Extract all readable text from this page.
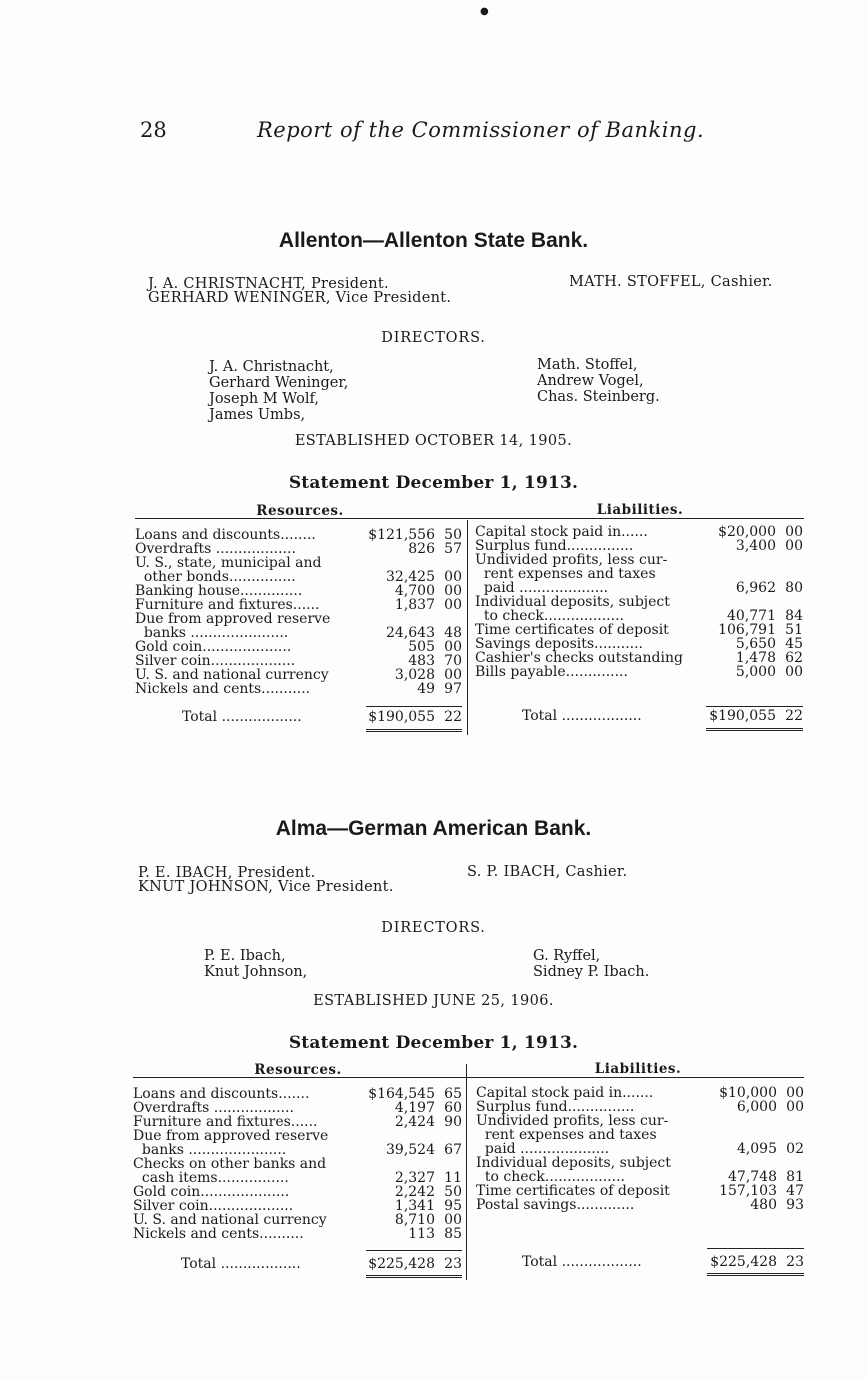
●
28	Report of the Commissioner of Banking.
Allenton—Allenton State Bank.
J. A. CHRISTNACHT, President.
GERHARD WENINGER, Vice President.
MATH. STOFFEL, Cashier.
DIRECTORS.
J. A. Christnacht,
Gerhard Weninger,
Joseph M Wolf,
James Umbs,
Math. Stoffel,
Andrew Vogel,
Chas. Steinberg.
ESTABLISHED OCTOBER 14, 1905.
Statement December 1, 1913.
Resources.	Liabilities.
Loans and discounts........	$121,556 50
Overdrafts ..................	826 57
U. S., state, municipal and
other bonds...............	32,425 00
Banking house..............	4,700 00
Furniture and fixtures......	1,837 00
Due from approved reserve
banks ......................	24,643 48
Gold coin....................	505 00
Silver coin...................	483 70
U. S. and national currency	3,028 00
Nickels and cents...........	49 97
Capital stock paid in......	$20,000 00
Surplus fund...............	3,400 00
Undivided profits, less cur-
rent expenses and taxes
paid ....................	6,962 80
Individual deposits, subject
to check..................	40,771 84
Time certificates of deposit	106,791 51
Savings deposits...........	5,650 45
Cashier's checks outstanding	1,478 62
Bills payable..............	5,000 00
Total ..................	$190,055 22	Total ..................	$190,055 22
Alma—German American Bank.
P. E. IBACH, President.
KNUT JOHNSON, Vice President.
S. P. IBACH, Cashier.
DIRECTORS.
P. E. Ibach,
Knut Johnson,
G. Ryffel,
Sidney P. Ibach.
ESTABLISHED JUNE 25, 1906.
Statement December 1, 1913.
Resources.	Liabilities.
Loans and discounts.......	$164,545 65
Overdrafts ..................	4,197 60
Furniture and fixtures......	2,424 90
Due from approved reserve
banks ......................	39,524 67
Checks on other banks and
cash items................	2,327 11
Gold coin....................	2,242 50
Silver coin...................	1,341 95
U. S. and national currency	8,710 00
Nickels and cents..........	113 85
Capital stock paid in.......	$10,000 00
Surplus fund...............	6,000 00
Undivided profits, less cur-
rent expenses and taxes
paid ....................	4,095 02
Individual deposits, subject
to check..................	47,748 81
Time certificates of deposit	157,103 47
Postal savings.............	480 93
Total ..................	$225,428 23	Total ..................	$225,428 23
